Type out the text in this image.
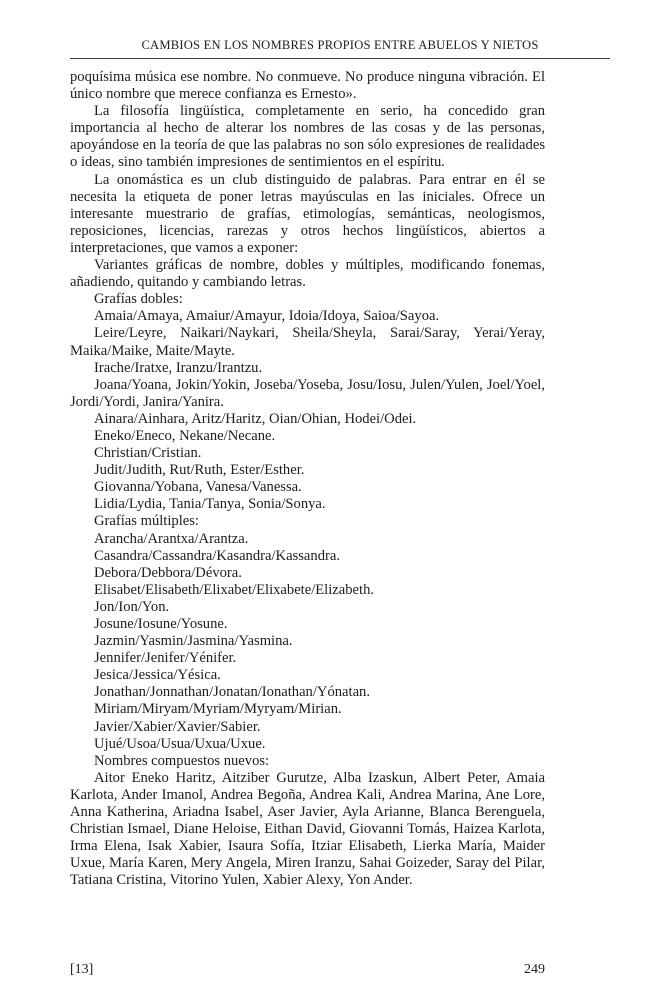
CAMBIOS EN LOS NOMBRES PROPIOS ENTRE ABUELOS Y NIETOS

poquísima música ese nombre. No conmueve. No produce ninguna vibración. El único nombre que merece confianza es Ernesto».

La filosofía lingüística, completamente en serio, ha concedido gran importancia al hecho de alterar los nombres de las cosas y de las personas, apoyándose en la teoría de que las palabras no son sólo expresiones de realidades o ideas, sino también impresiones de sentimientos en el espíritu.

La onomástica es un club distinguido de palabras. Para entrar en él se necesita la etiqueta de poner letras mayúsculas en las iniciales. Ofrece un interesante muestrario de grafías, etimologías, semánticas, neologismos, reposiciones, licencias, rarezas y otros hechos lingüísticos, abiertos a interpretaciones, que vamos a exponer:

Variantes gráficas de nombre, dobles y múltiples, modificando fonemas, añadiendo, quitando y cambiando letras.

Grafías dobles:

Amaia/Amaya, Amaiur/Amayur, Idoia/Idoya, Saioa/Sayoa.

Leire/Leyre, Naikari/Naykari, Sheila/Sheyla, Sarai/Saray, Yerai/Yeray, Maika/Maike, Maite/Mayte.

Irache/Iratxe, Iranzu/Irantzu.

Joana/Yoana, Jokin/Yokin, Joseba/Yoseba, Josu/Iosu, Julen/Yulen, Joel/Yoel, Jordi/Yordi, Janira/Yanira.

Ainara/Ainhara, Aritz/Haritz, Oian/Ohian, Hodei/Odei.

Eneko/Eneco, Nekane/Necane.

Christian/Cristian.

Judit/Judith, Rut/Ruth, Ester/Esther.

Giovanna/Yobana, Vanesa/Vanessa.

Lidia/Lydia, Tania/Tanya, Sonia/Sonya.

Grafías múltiples:

Arancha/Arantxa/Arantza.

Casandra/Cassandra/Kasandra/Kassandra.

Debora/Debbora/Dévora.

Elisabet/Elisabeth/Elixabet/Elixabete/Elizabeth.

Jon/Ion/Yon.

Josune/Iosune/Yosune.

Jazmin/Yasmin/Jasmina/Yasmina.

Jennifer/Jenifer/Yénifer.

Jesica/Jessica/Yésica.

Jonathan/Jonnathan/Jonatan/Ionathan/Yónatan.

Miriam/Miryam/Myriam/Myryam/Mirian.

Javier/Xabier/Xavier/Sabier.

Ujué/Usoa/Usua/Uxua/Uxue.

Nombres compuestos nuevos:

Aitor Eneko Haritz, Aitziber Gurutze, Alba Izaskun, Albert Peter, Amaia Karlota, Ander Imanol, Andrea Begoña, Andrea Kali, Andrea Marina, Ane Lore, Anna Katherina, Ariadna Isabel, Aser Javier, Ayla Arianne, Blanca Berenguela, Christian Ismael, Diane Heloise, Eithan David, Giovanni Tomás, Haizea Karlota, Irma Elena, Isak Xabier, Isaura Sofía, Itziar Elisabeth, Lierka María, Maider Uxue, María Karen, Mery Angela, Miren Iranzu, Sahai Goizeder, Saray del Pilar, Tatiana Cristina, Vitorino Yulen, Xabier Alexy, Yon Ander.

[13]	249
